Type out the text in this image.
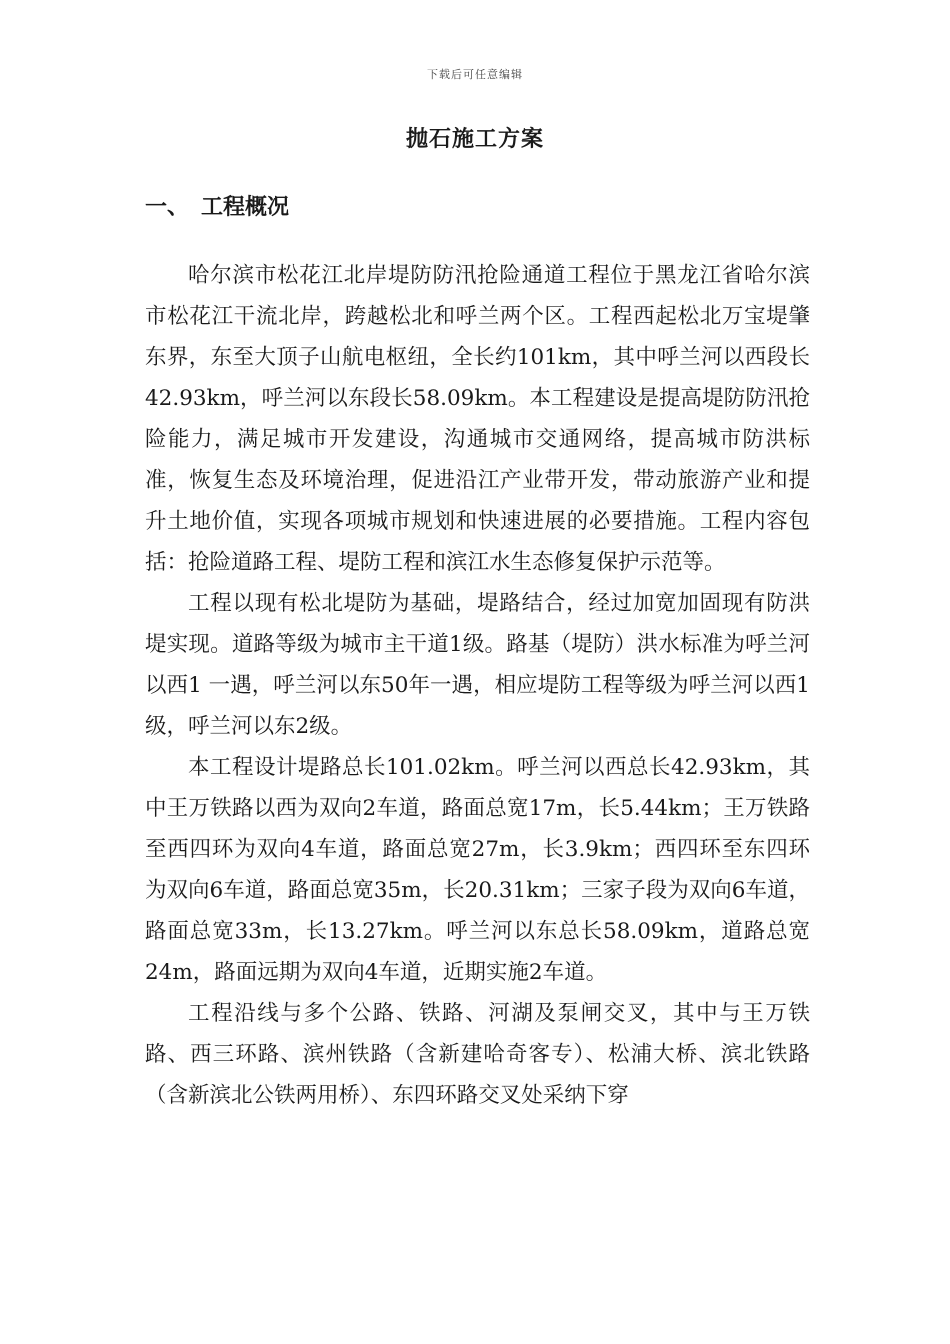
下载后可任意编辑
抛石施工方案
一、 工程概况

哈尔滨市松花江北岸堤防防汛抢险通道工程位于黑龙江省哈尔滨市松花江干流北岸，跨越松北和呼兰两个区。工程西起松北万宝堤肇东界，东至大顶子山航电枢纽，全长约101km，其中呼兰河以西段长42.93km，呼兰河以东段长58.09km。本工程建设是提高堤防防汛抢险能力，满足城市开发建设，沟通城市交通网络，提高城市防洪标准，恢复生态及环境治理，促进沿江产业带开发，带动旅游产业和提升土地价值，实现各项城市规划和快速进展的必要措施。工程内容包括：抢险道路工程、堤防工程和滨江水生态修复保护示范等。

工程以现有松北堤防为基础，堤路结合，经过加宽加固现有防洪堤实现。道路等级为城市主干道1级。路基（堤防）洪水标准为呼兰河以西1 一遇，呼兰河以东50年一遇，相应堤防工程等级为呼兰河以西1级，呼兰河以东2级。

本工程设计堤路总长101.02km。呼兰河以西总长42.93km，其中王万铁路以西为双向2车道，路面总宽17m，长5.44km；王万铁路至西四环为双向4车道，路面总宽27m，长3.9km；西四环至东四环为双向6车道，路面总宽35m，长20.31km；三家子段为双向6车道，路面总宽33m，长13.27km。呼兰河以东总长58.09km，道路总宽24m，路面远期为双向4车道，近期实施2车道。

工程沿线与多个公路、铁路、河湖及泵闸交叉，其中与王万铁路、西三环路、滨州铁路（含新建哈奇客专）、松浦大桥、滨北铁路（含新滨北公铁两用桥）、东四环路交叉处采纳下穿
